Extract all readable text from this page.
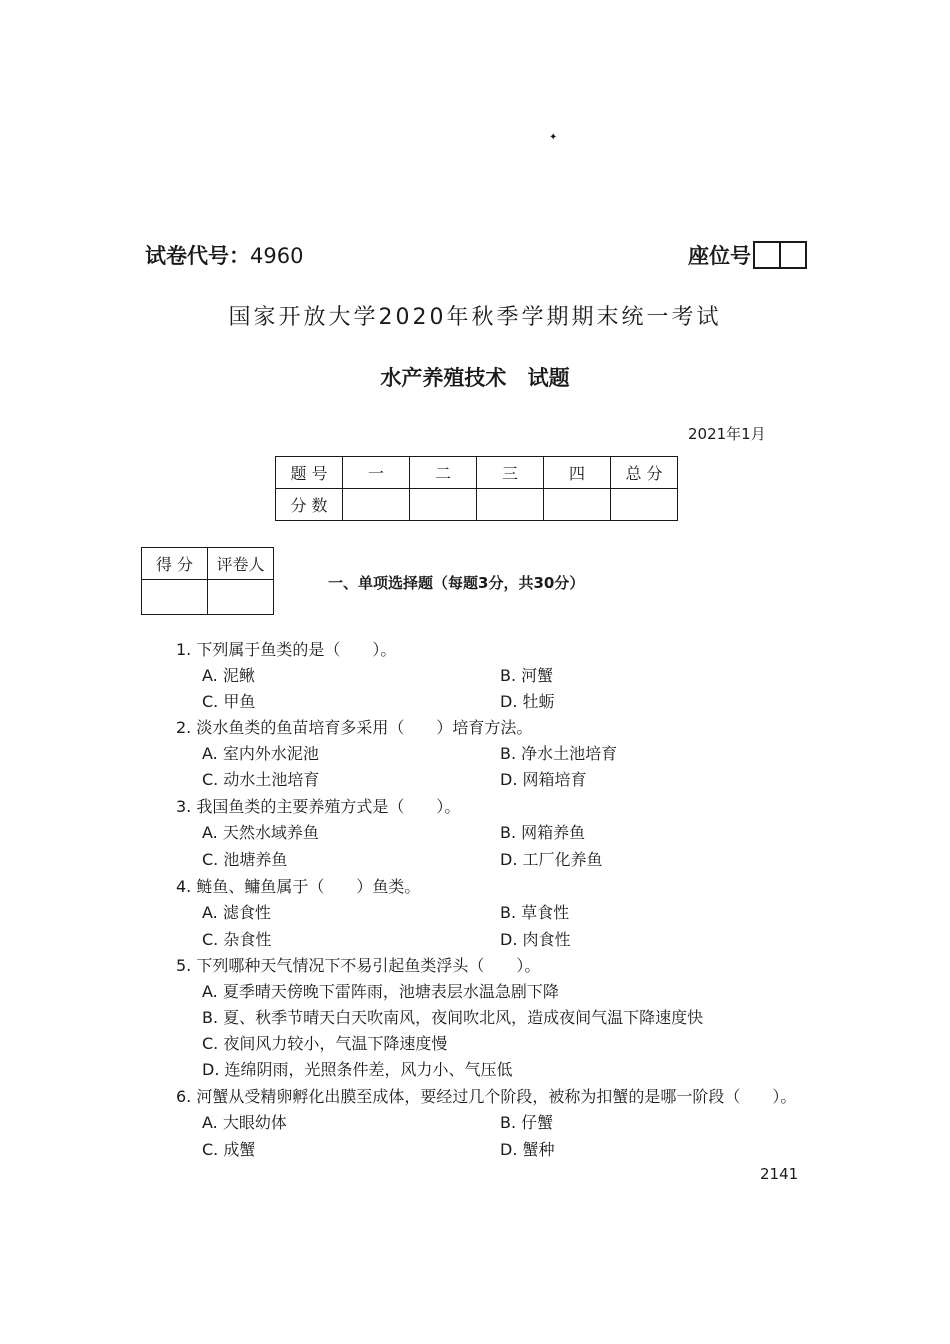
✦
试卷代号：4960	座位号
国家开放大学2020年秋季学期期末统一考试
水产养殖技术 试题
2021年1月
题 号	一	二	三	四	总 分
分 数					
得 分	评卷人

一、单项选择题（每题3分，共30分）
1. 下列属于鱼类的是（　　）。
A. 泥鳅	B. 河蟹
C. 甲鱼	D. 牡蛎
2. 淡水鱼类的鱼苗培育多采用（　　）培育方法。
A. 室内外水泥池	B. 净水土池培育
C. 动水土池培育	D. 网箱培育
3. 我国鱼类的主要养殖方式是（　　）。
A. 天然水域养鱼	B. 网箱养鱼
C. 池塘养鱼	D. 工厂化养鱼
4. 鲢鱼、鳙鱼属于（　　）鱼类。
A. 滤食性	B. 草食性
C. 杂食性	D. 肉食性
5. 下列哪种天气情况下不易引起鱼类浮头（　　）。
A. 夏季晴天傍晚下雷阵雨，池塘表层水温急剧下降
B. 夏、秋季节晴天白天吹南风，夜间吹北风，造成夜间气温下降速度快
C. 夜间风力较小，气温下降速度慢
D. 连绵阴雨，光照条件差，风力小、气压低
6. 河蟹从受精卵孵化出膜至成体，要经过几个阶段，被称为扣蟹的是哪一阶段（　　）。
A. 大眼幼体	B. 仔蟹
C. 成蟹	D. 蟹种
2141
